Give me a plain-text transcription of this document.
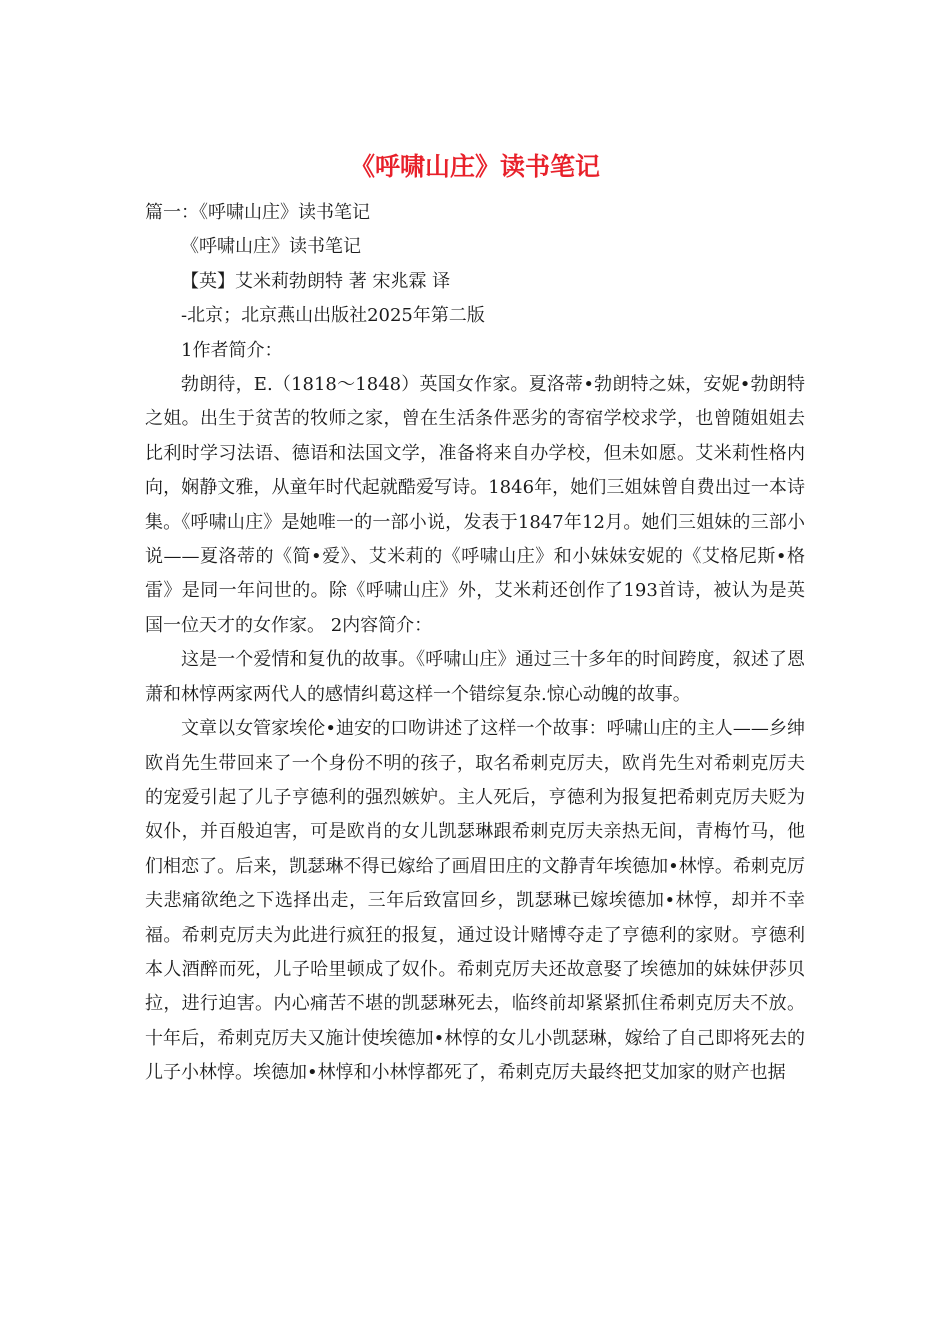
《呼啸山庄》读书笔记

篇一：《呼啸山庄》读书笔记

《呼啸山庄》读书笔记

【英】艾米莉勃朗特 著 宋兆霖 译

-北京；北京燕山出版社2025年第二版

1作者简介：

勃朗待，E.（1818～1848）英国女作家。夏洛蒂•勃朗特之妹，安妮•勃朗特之姐。出生于贫苦的牧师之家，曾在生活条件恶劣的寄宿学校求学，也曾随姐姐去比利时学习法语、德语和法国文学，准备将来自办学校，但未如愿。艾米莉性格内向，娴静文雅，从童年时代起就酷爱写诗。1846年，她们三姐妹曾自费出过一本诗集。《呼啸山庄》是她唯一的一部小说，发表于1847年12月。她们三姐妹的三部小说——夏洛蒂的《简•爱》、艾米莉的《呼啸山庄》和小妹妹安妮的《艾格尼斯•格雷》是同一年问世的。除《呼啸山庄》外，艾米莉还创作了193首诗，被认为是英国一位天才的女作家。 2内容简介：

这是一个爱情和复仇的故事。《呼啸山庄》通过三十多年的时间跨度，叙述了恩萧和林惇两家两代人的感情纠葛这样一个错综复杂.惊心动魄的故事。

文章以女管家埃伦•迪安的口吻讲述了这样一个故事：呼啸山庄的主人——乡绅欧肖先生带回来了一个身份不明的孩子，取名希刺克厉夫，欧肖先生对希刺克厉夫的宠爱引起了儿子亨德利的强烈嫉妒。主人死后，亨德利为报复把希刺克厉夫贬为奴仆，并百般迫害，可是欧肖的女儿凯瑟琳跟希刺克厉夫亲热无间，青梅竹马，他们相恋了。后来，凯瑟琳不得已嫁给了画眉田庄的文静青年埃德加•林惇。希刺克厉夫悲痛欲绝之下选择出走，三年后致富回乡，凯瑟琳已嫁埃德加•林惇，却并不幸福。希刺克厉夫为此进行疯狂的报复，通过设计赌博夺走了亨德利的家财。亨德利本人酒醉而死，儿子哈里顿成了奴仆。希刺克厉夫还故意娶了埃德加的妹妹伊莎贝拉，进行迫害。内心痛苦不堪的凯瑟琳死去，临终前却紧紧抓住希刺克厉夫不放。十年后，希刺克厉夫又施计使埃德加•林惇的女儿小凯瑟琳，嫁给了自己即将死去的儿子小林惇。埃德加•林惇和小林惇都死了，希刺克厉夫最终把艾加家的财产也据
